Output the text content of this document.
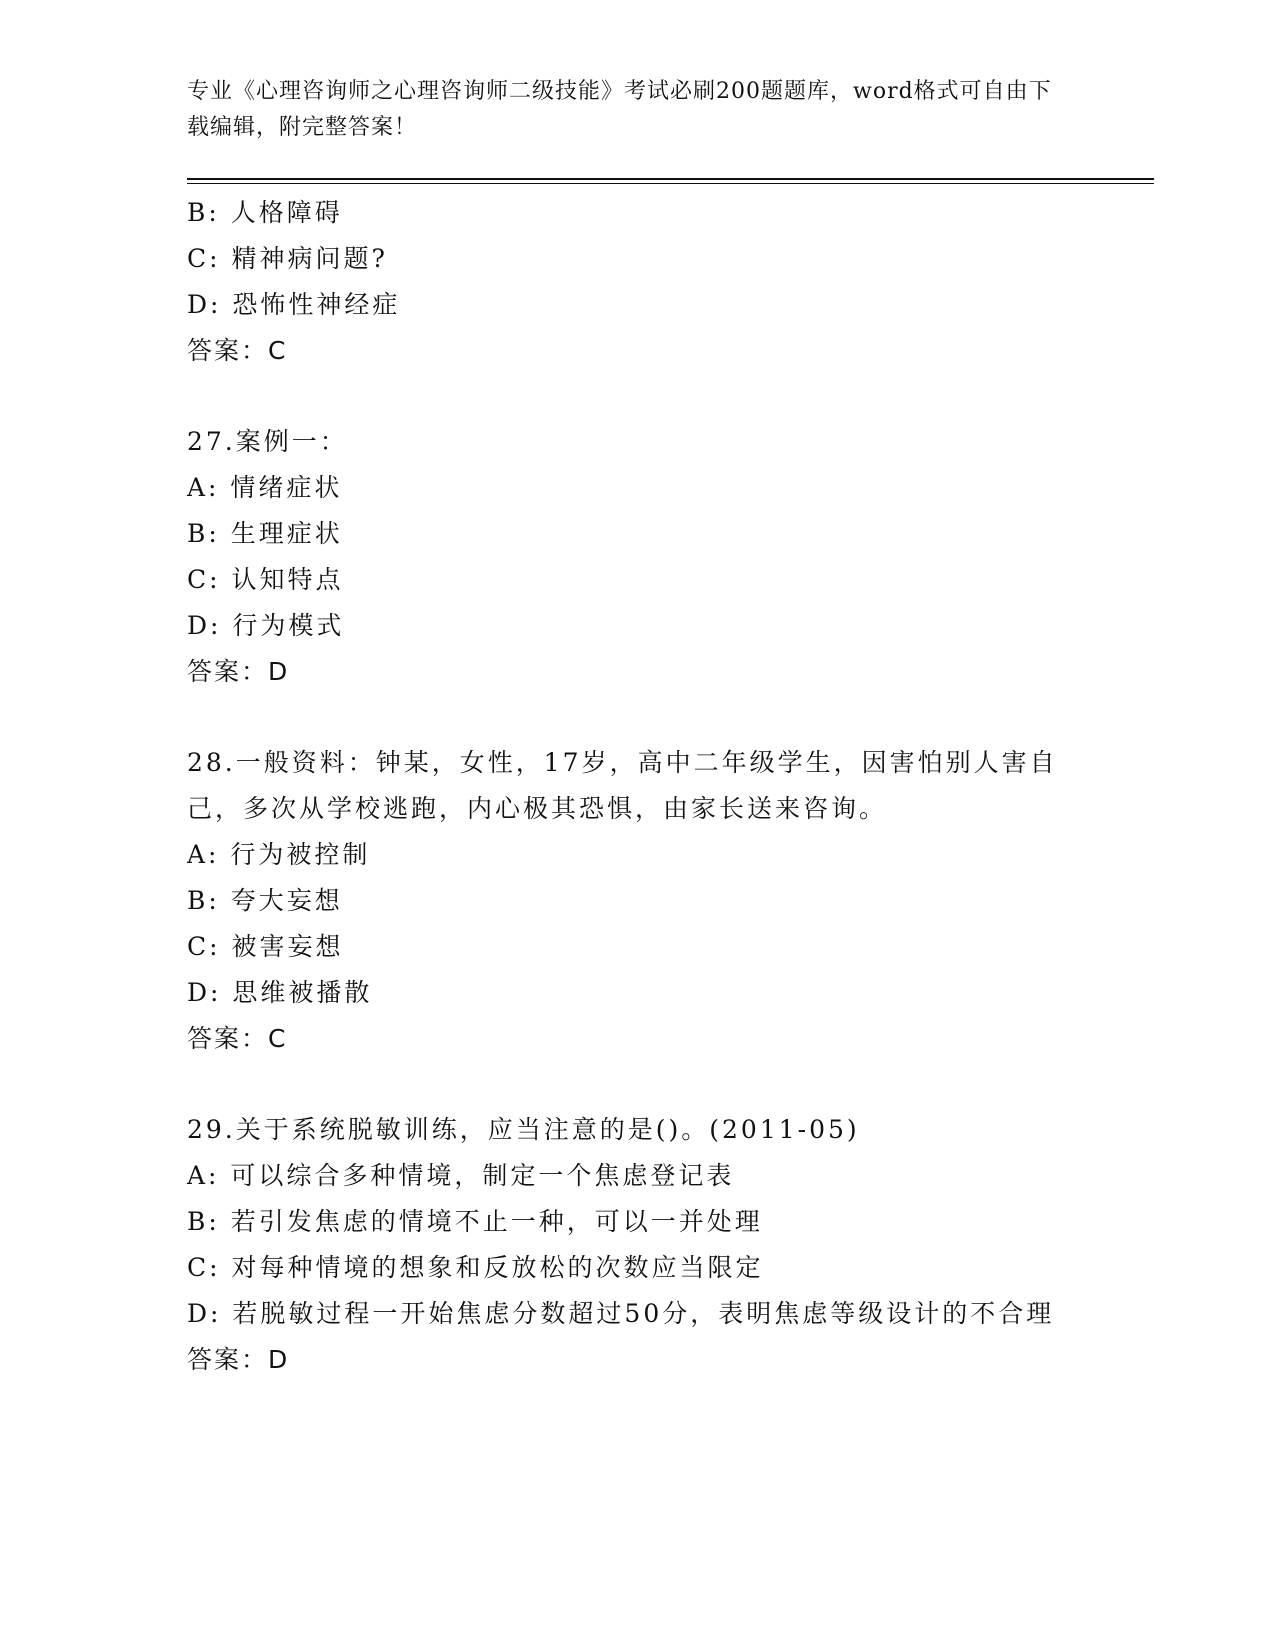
专业《心理咨询师之心理咨询师二级技能》考试必刷200题题库，word格式可自由下载编辑，附完整答案！
B: 人格障碍
C: 精神病问题?
D: 恐怖性神经症
答案：C
27.案例一：
A: 情绪症状
B: 生理症状
C: 认知特点
D: 行为模式
答案：D
28.一般资料：钟某，女性，17岁，高中二年级学生，因害怕别人害自己，多次从学校逃跑，内心极其恐惧，由家长送来咨询。
A: 行为被控制
B: 夸大妄想
C: 被害妄想
D: 思维被播散
答案：C
29.关于系统脱敏训练，应当注意的是()。(2011-05)
A: 可以综合多种情境，制定一个焦虑登记表
B: 若引发焦虑的情境不止一种，可以一并处理
C: 对每种情境的想象和反放松的次数应当限定
D: 若脱敏过程一开始焦虑分数超过50分，表明焦虑等级设计的不合理
答案：D
